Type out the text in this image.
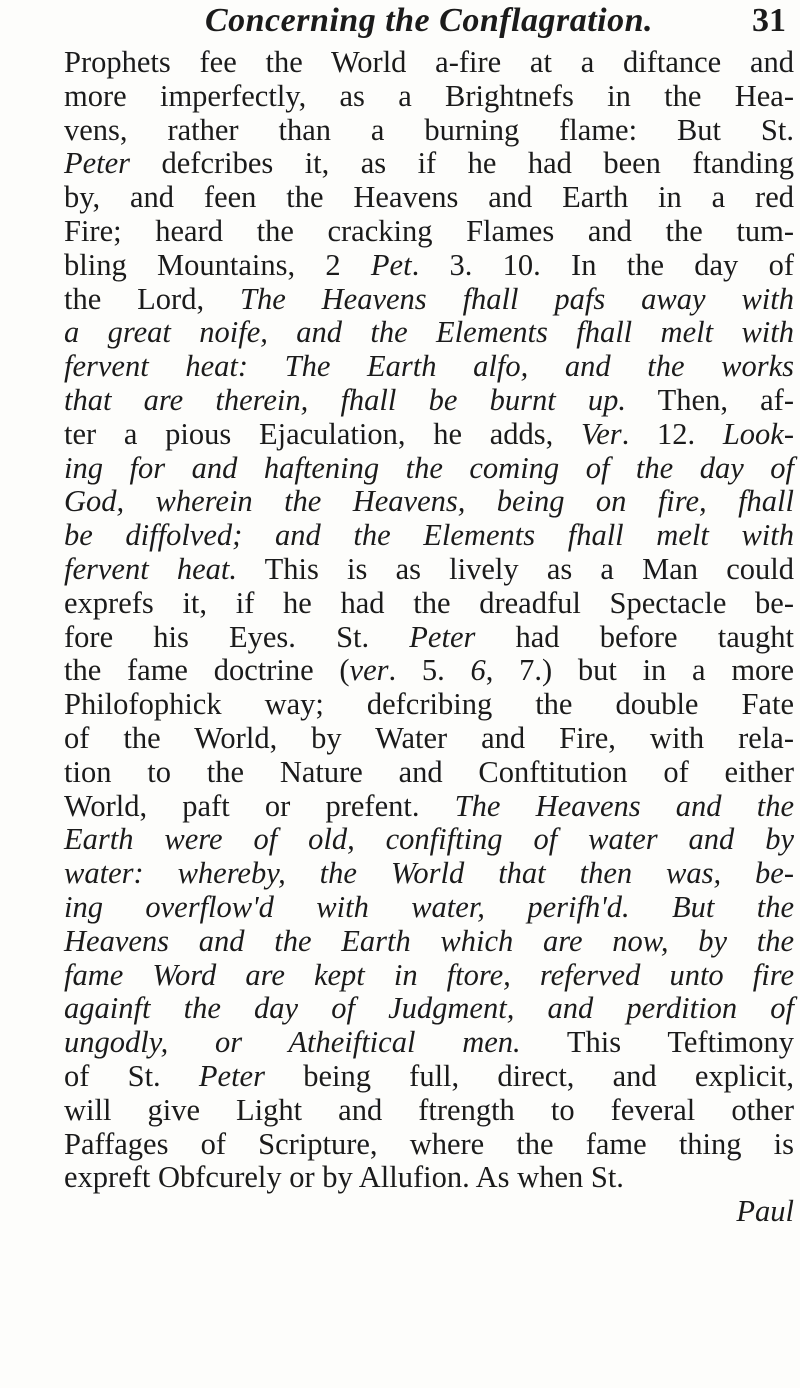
Concerning the Conflagration.	31
Prophets fee the World a-fire at a diftance and
more imperfectly, as a Brightnefs in the Hea-
vens, rather than a burning flame: But St.
Peter defcribes it, as if he had been ftanding
by, and feen the Heavens and Earth in a red
Fire; heard the cracking Flames and the tum-
bling Mountains, 2 Pet. 3. 10. In the day of
the Lord, The Heavens fhall pafs away with
a great noife, and the Elements fhall melt with
fervent heat: The Earth alfo, and the works
that are therein, fhall be burnt up. Then, af-
ter a pious Ejaculation, he adds, Ver. 12. Look-
ing for and haftening the coming of the day of
God, wherein the Heavens, being on fire, fhall
be diffolved; and the Elements fhall melt with
fervent heat. This is as lively as a Man could
exprefs it, if he had the dreadful Spectacle be-
fore his Eyes. St. Peter had before taught
the fame doctrine (ver. 5. 6, 7.) but in a more
Philofophick way; defcribing the double Fate
of the World, by Water and Fire, with rela-
tion to the Nature and Conftitution of either
World, paft or prefent. The Heavens and the
Earth were of old, confifting of water and by
water: whereby, the World that then was, be-
ing overflow'd with water, perifh'd. But the
Heavens and the Earth which are now, by the
fame Word are kept in ftore, referved unto fire
againft the day of Judgment, and perdition of
ungodly, or Atheiftical men. This Teftimony
of St. Peter being full, direct, and explicit,
will give Light and ftrength to feveral other
Paffages of Scripture, where the fame thing is
expreft Obfcurely or by Allufion. As when St.
Paul
